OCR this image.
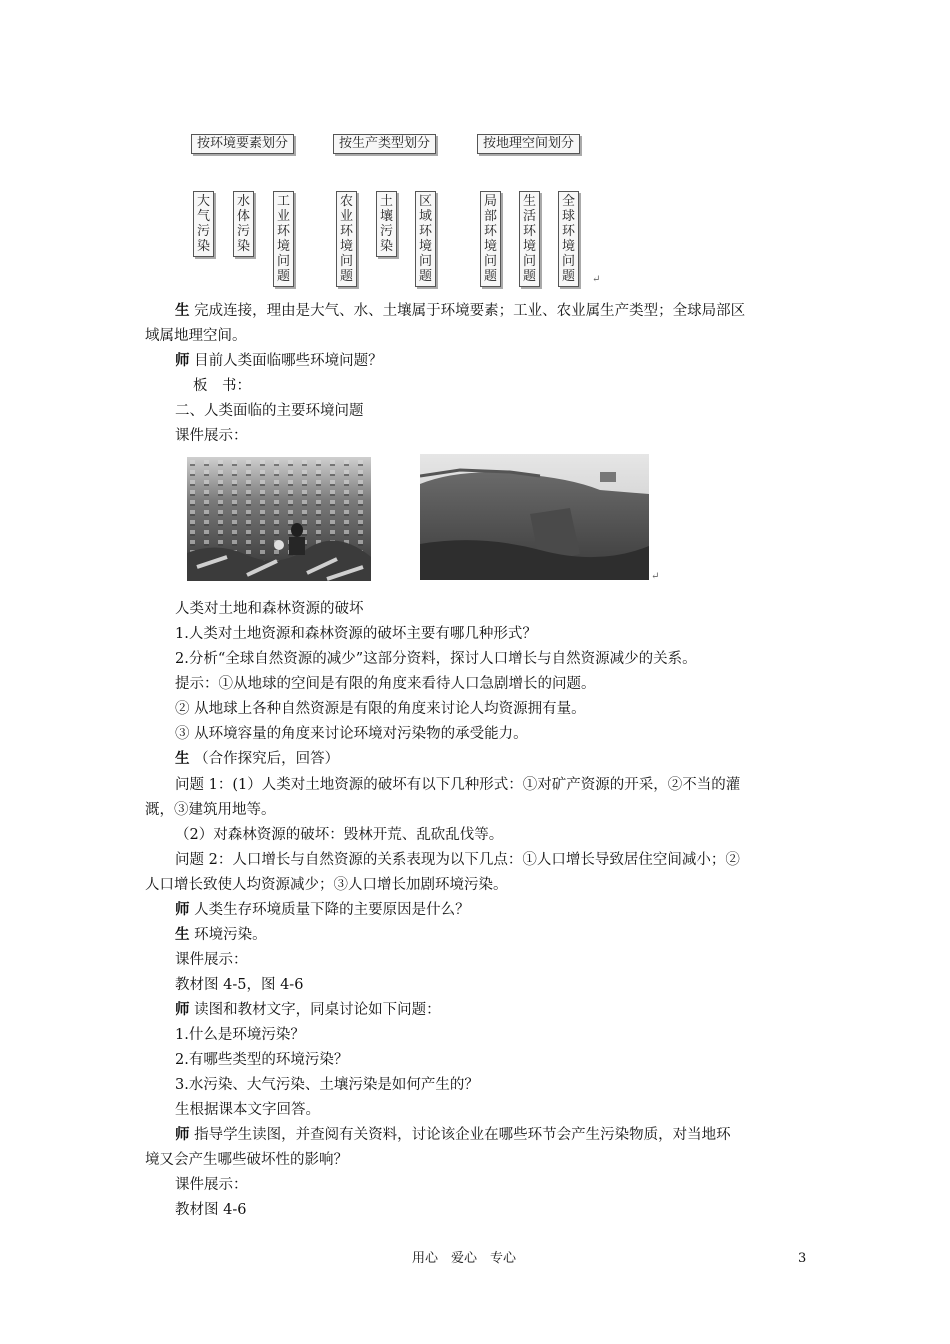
按环境要素划分	按生产类型划分	按地理空间划分
大气污染
水体污染
工业环境问题
农业环境问题
土壤污染
区域环境问题
局部环境问题
生活环境问题
全球环境问题	↵
生 完成连接，理由是大气、水、土壤属于环境要素；工业、农业属生产类型；全球局部区
域属地理空间。
师 目前人类面临哪些环境问题？
板　书：
二、人类面临的主要环境问题
课件展示：
↵
人类对土地和森林资源的破坏
1.人类对土地资源和森林资源的破坏主要有哪几种形式？
2.分析“全球自然资源的减少”这部分资料，探讨人口增长与自然资源减少的关系。
提示：①从地球的空间是有限的角度来看待人口急剧增长的问题。
② 从地球上各种自然资源是有限的角度来讨论人均资源拥有量。
③ 从环境容量的角度来讨论环境对污染物的承受能力。
生 （合作探究后，回答）
问题 1：(1）人类对土地资源的破坏有以下几种形式：①对矿产资源的开采，②不当的灌
溉，③建筑用地等。
（2）对森林资源的破坏：毁林开荒、乱砍乱伐等。
问题 2：人口增长与自然资源的关系表现为以下几点：①人口增长导致居住空间减小；②
人口增长致使人均资源减少；③人口增长加剧环境污染。
师 人类生存环境质量下降的主要原因是什么？
生 环境污染。
课件展示：
教材图 4-5，图 4-6
师 读图和教材文字，同桌讨论如下问题：
1.什么是环境污染？
2.有哪些类型的环境污染？
3.水污染、大气污染、土壤污染是如何产生的？
生根据课本文字回答。
师 指导学生读图，并查阅有关资料，讨论该企业在哪些环节会产生污染物质，对当地环
境又会产生哪些破坏性的影响？
课件展示：
教材图 4-6
用心　爱心　专心	3
